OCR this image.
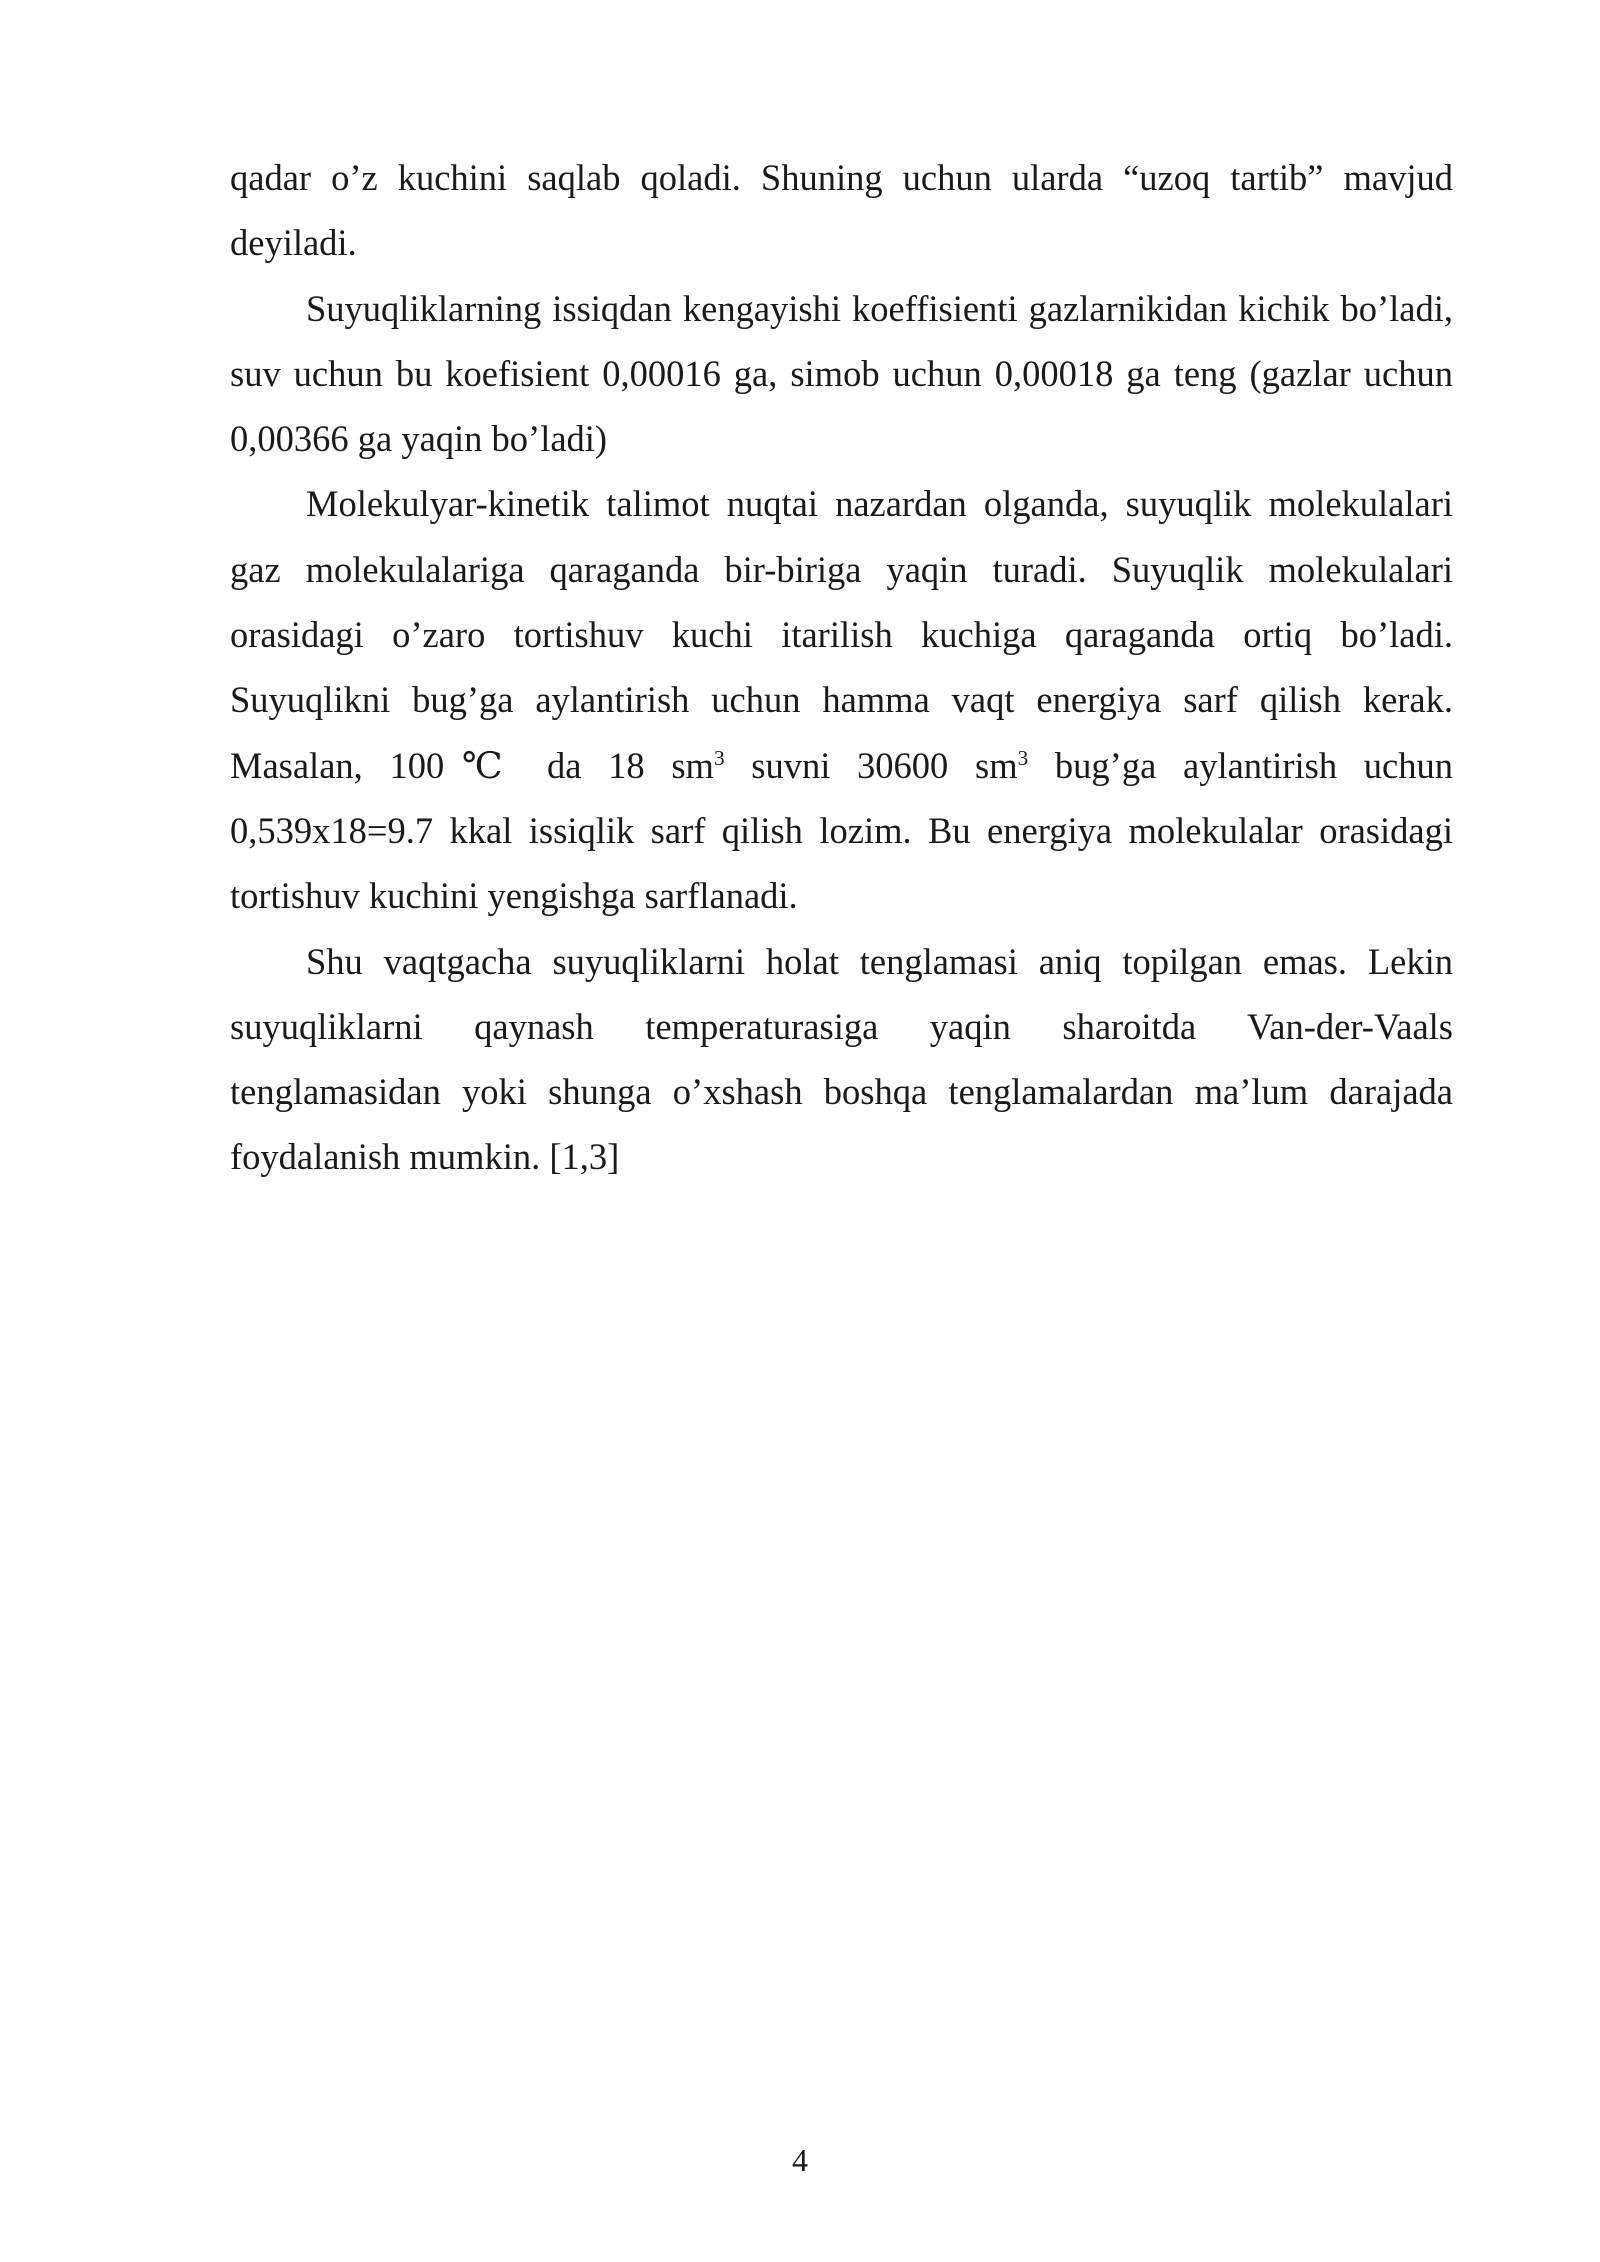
qadar o’z kuchini saqlab qoladi. Shuning uchun ularda “uzoq tartib” mavjud deyiladi.

Suyuqliklarning issiqdan kengayishi koeffisienti gazlarnikidan kichik bo’ladi, suv uchun bu koefisient 0,00016 ga, simob uchun 0,00018 ga teng (gazlar uchun 0,00366 ga yaqin bo’ladi)

Molekulyar-kinetik talimot nuqtai nazardan olganda, suyuqlik molekulalari gaz molekulalariga qaraganda bir-biriga yaqin turadi. Suyuqlik molekulalari orasidagi o’zaro tortishuv kuchi itarilish kuchiga qaraganda ortiq bo’ladi. Suyuqlikni bug’ga aylantirish uchun hamma vaqt energiya sarf qilish kerak. Masalan, 100℃ da 18 $sm^3$ suvni 30600 $sm^3$ bug’ga aylantirish uchun 0,539x18=9.7 kkal issiqlik sarf qilish lozim. Bu energiya molekulalar orasidagi tortishuv kuchini yengishga sarflanadi.

Shu vaqtgacha suyuqliklarni holat tenglamasi aniq topilgan emas. Lekin suyuqliklarni qaynash temperaturasiga yaqin sharoitda Van-der-Vaals tenglamasidan yoki shunga o’xshash boshqa tenglamalardan ma’lum darajada foydalanish mumkin. [1,3]

4
